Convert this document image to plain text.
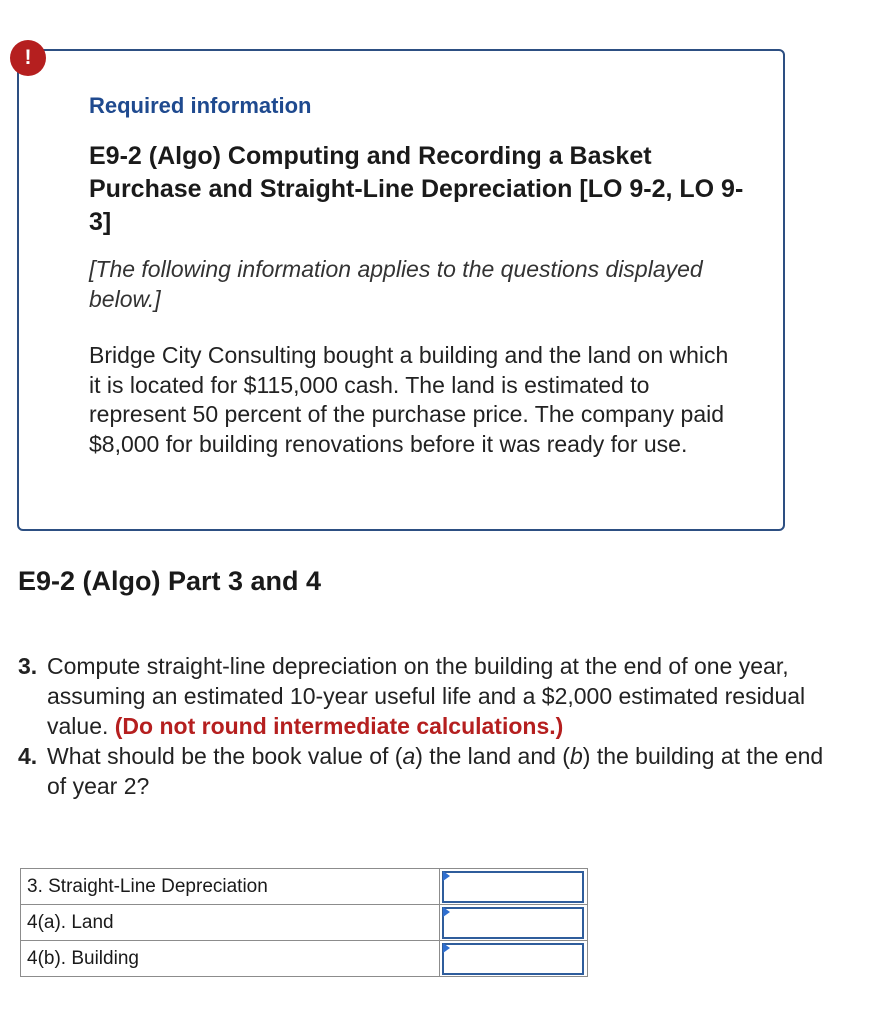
!
Required information
E9-2 (Algo) Computing and Recording a Basket Purchase and Straight-Line Depreciation [LO 9-2, LO 9-3]
[The following information applies to the questions displayed below.]
Bridge City Consulting bought a building and the land on which it is located for $115,000 cash. The land is estimated to represent 50 percent of the purchase price. The company paid $8,000 for building renovations before it was ready for use.
E9-2 (Algo) Part 3 and 4
3. Compute straight-line depreciation on the building at the end of one year, assuming an estimated 10-year useful life and a $2,000 estimated residual value. (Do not round intermediate calculations.)
4. What should be the book value of (a) the land and (b) the building at the end of year 2?
3. Straight-Line Depreciation	

4(a). Land	

4(b). Building	
